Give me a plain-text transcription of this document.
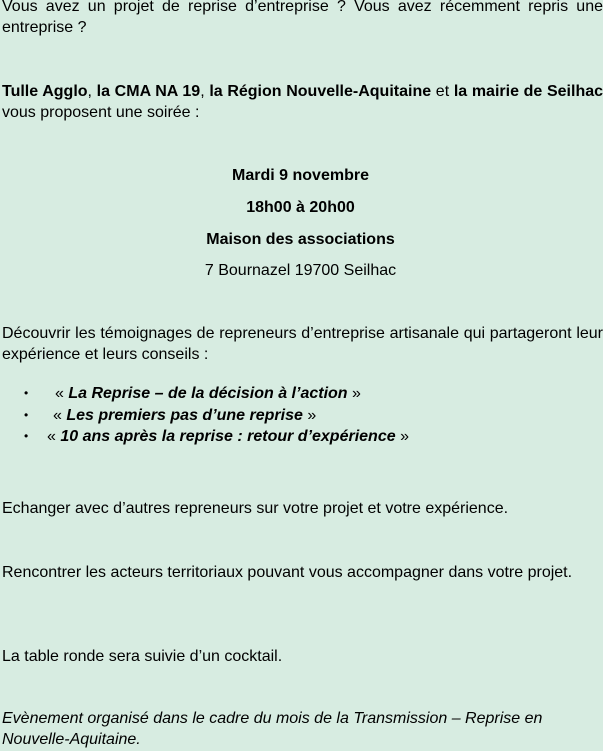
Vous avez un projet de reprise d’entreprise ? Vous avez récemment repris une entreprise ?
Tulle Agglo, la CMA NA 19, la Région Nouvelle-Aquitaine et la mairie de Seilhac vous proposent une soirée :
Mardi 9 novembre
18h00 à 20h00
Maison des associations
7 Bournazel 19700 Seilhac
Découvrir les témoignages de repreneurs d’entreprise artisanale qui partageront leur expérience et leurs conseils :
• « La Reprise – de la décision à l’action »
• « Les premiers pas d’une reprise »
• « 10 ans après la reprise : retour d’expérience »
Echanger avec d’autres repreneurs sur votre projet et votre expérience.
Rencontrer les acteurs territoriaux pouvant vous accompagner dans votre projet.
La table ronde sera suivie d’un cocktail.
Evènement organisé dans le cadre du mois de la Transmission – Reprise en Nouvelle-Aquitaine.
